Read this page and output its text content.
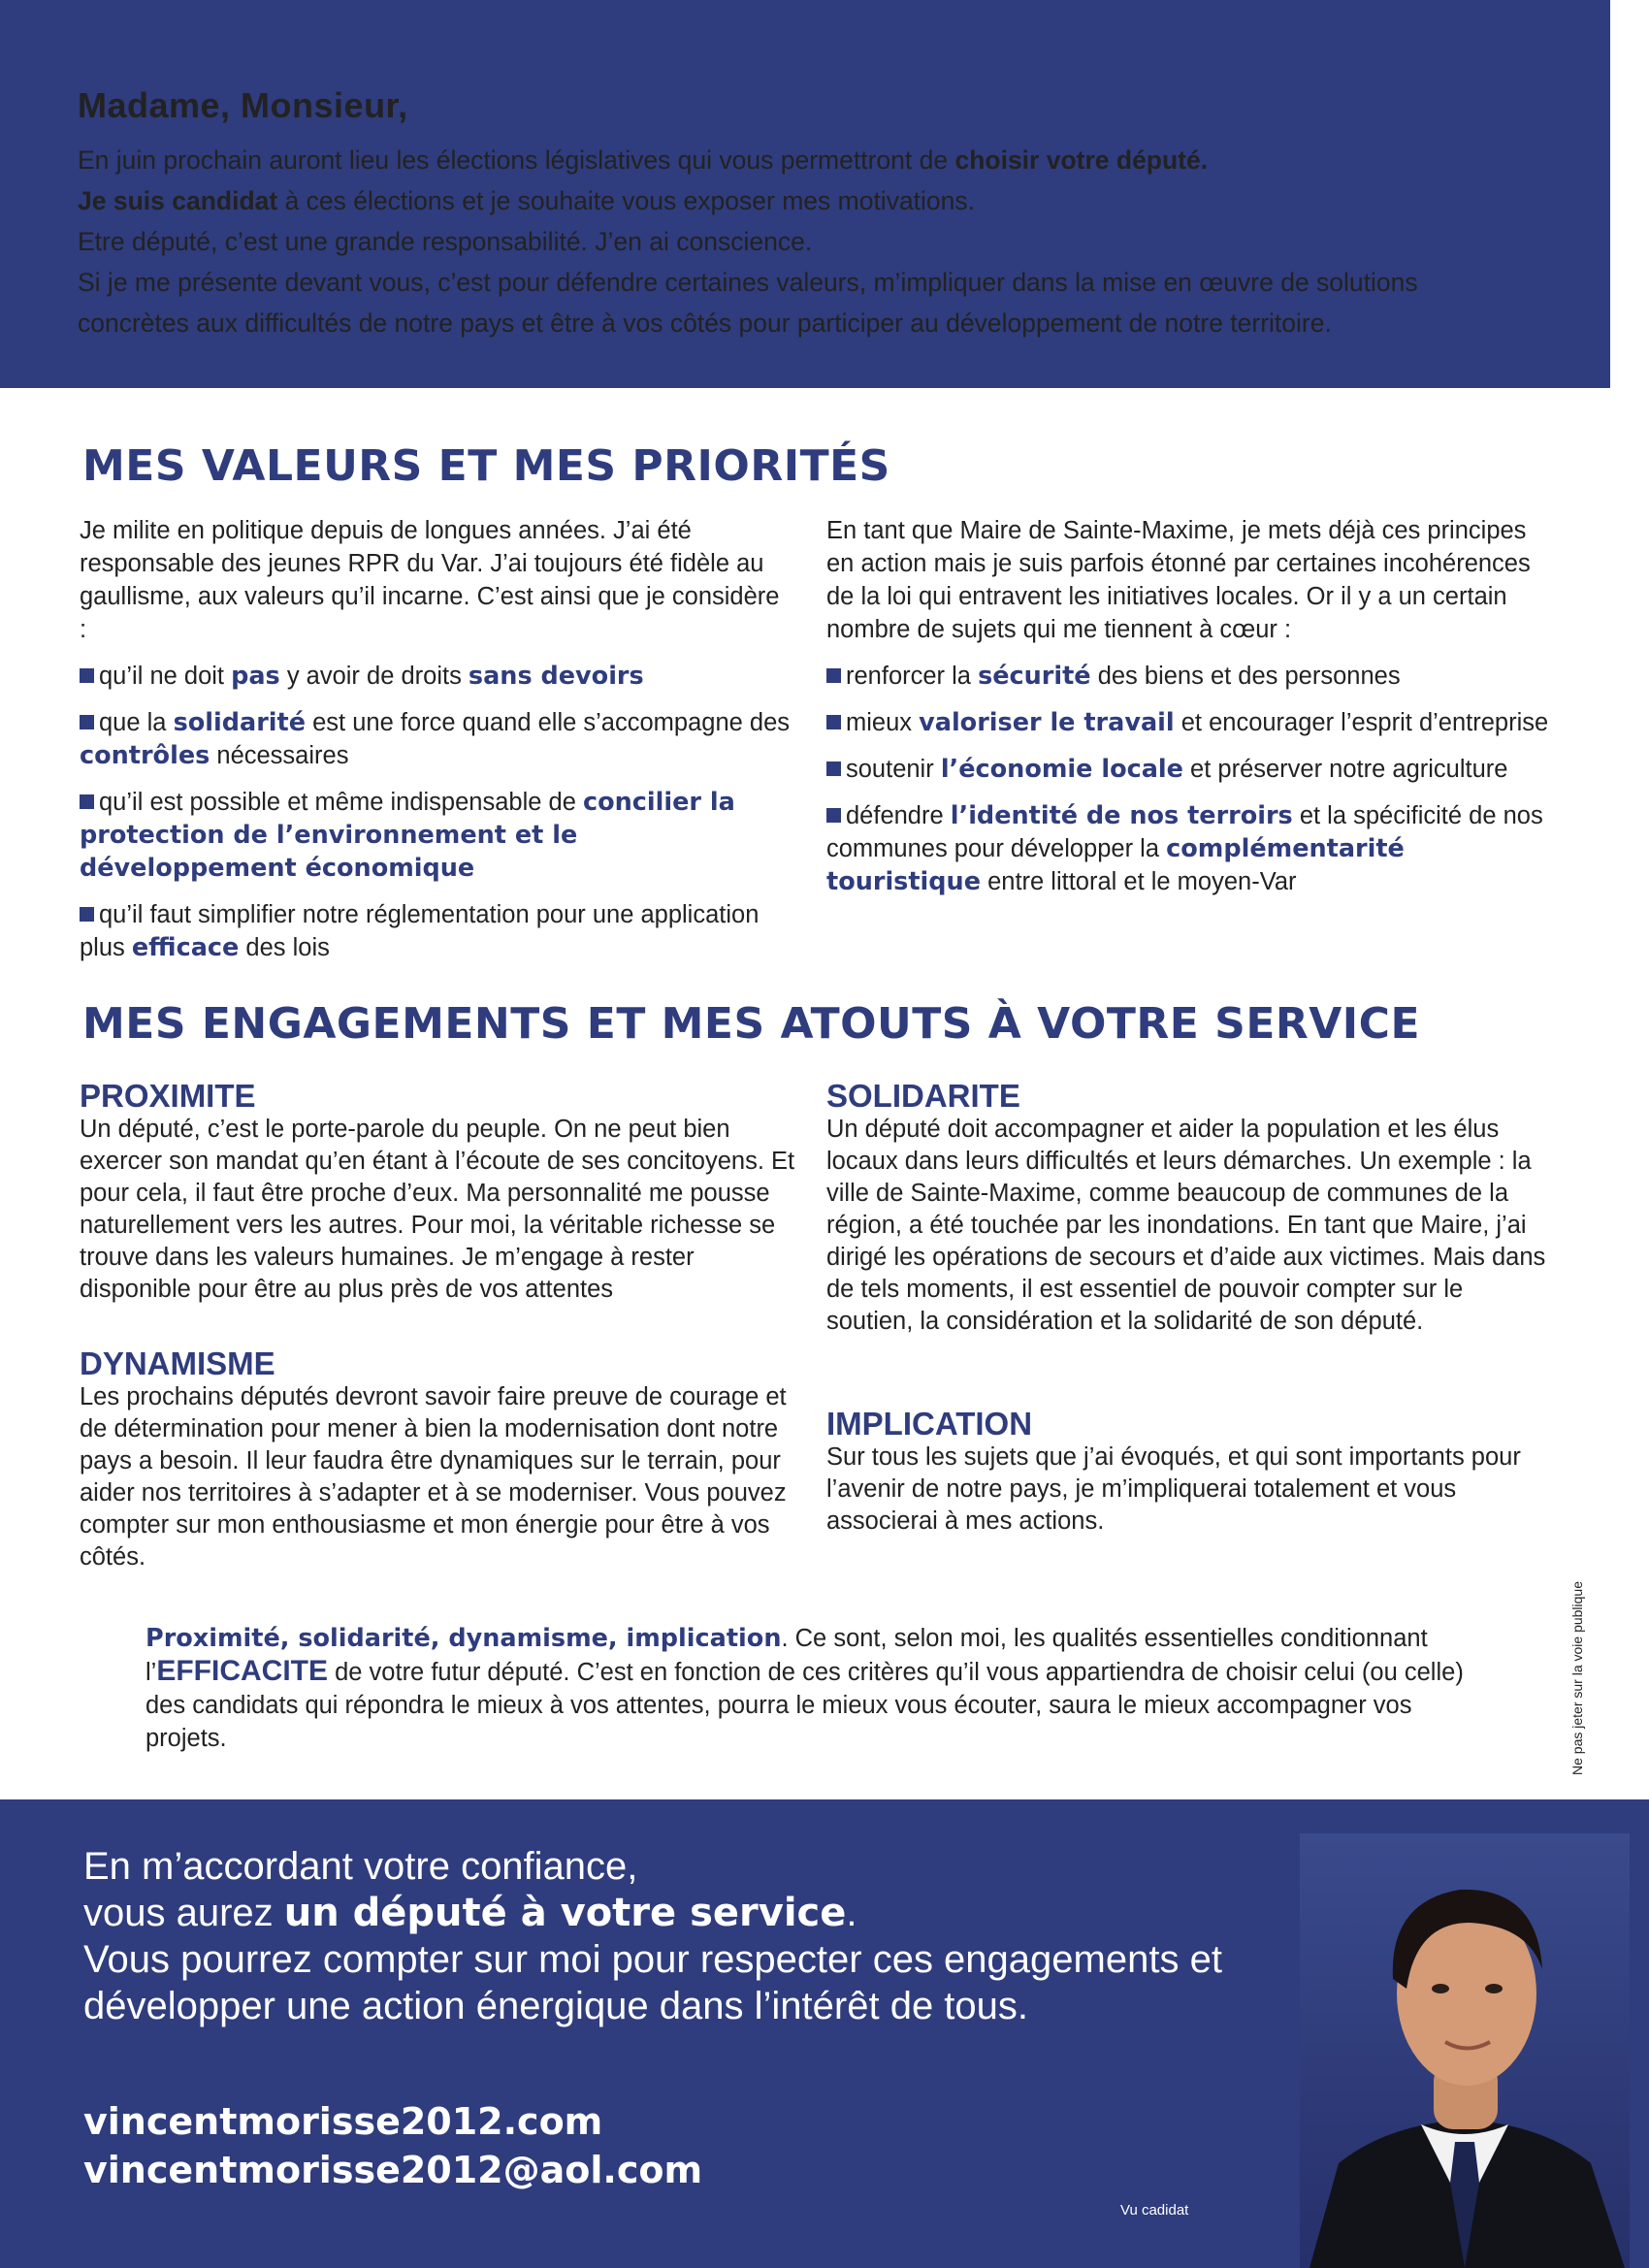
Madame, Monsieur,

En juin prochain auront lieu les élections législatives qui vous permettront de choisir votre député.

Je suis candidat à ces élections et je souhaite vous exposer mes motivations.

Etre député, c’est une grande responsabilité. J’en ai conscience.

Si je me présente devant vous, c’est pour défendre certaines valeurs, m’impliquer dans la mise en œuvre de solutions concrètes aux difficultés de notre pays et être à vos côtés pour participer au développement de notre territoire.

MES VALEURS ET MES PRIORITÉS

Je milite en politique depuis de longues années. J’ai été responsable des jeunes RPR du Var. J’ai toujours été fidèle au gaullisme, aux valeurs qu’il incarne. C’est ainsi que je considère :

qu’il ne doit pas y avoir de droits sans devoirs

que la solidarité est une force quand elle s’accompagne des contrôles nécessaires

qu’il est possible et même indispensable de concilier la protection de l’environnement et le développement économique

qu’il faut simplifier notre réglementation pour une application plus efficace des lois

En tant que Maire de Sainte-Maxime, je mets déjà ces principes en action mais je suis parfois étonné par certaines incohérences de la loi qui entravent les initiatives locales. Or il y a un certain nombre de sujets qui me tiennent à cœur :

renforcer la sécurité des biens et des personnes

mieux valoriser le travail et encourager l’esprit d’entreprise

soutenir l’économie locale et préserver notre agriculture

défendre l’identité de nos terroirs et la spécificité de nos communes pour développer la complémentarité touristique entre littoral et le moyen-Var

MES ENGAGEMENTS ET MES ATOUTS À VOTRE SERVICE
PROXIMITE

Un député, c’est le porte-parole du peuple. On ne peut bien exercer son mandat qu’en étant à l’écoute de ses concitoyens. Et pour cela, il faut être proche d’eux. Ma personnalité me pousse naturellement vers les autres. Pour moi, la véritable richesse se trouve dans les valeurs humaines. Je m’engage à rester disponible pour être au plus près de vos attentes

DYNAMISME

Les prochains députés devront savoir faire preuve de courage et de détermination pour mener à bien la modernisation dont notre pays a besoin. Il leur faudra être dynamiques sur le terrain, pour aider nos territoires à s’adapter et à se moderniser. Vous pouvez compter sur mon enthousiasme et mon énergie pour être à vos côtés.

SOLIDARITE

Un député doit accompagner et aider la population et les élus locaux dans leurs difficultés et leurs démarches. Un exemple : la ville de Sainte-Maxime, comme beaucoup de communes de la région, a été touchée par les inondations. En tant que Maire, j’ai dirigé les opérations de secours et d’aide aux victimes. Mais dans de tels moments, il est essentiel de pouvoir compter sur le soutien, la considération et la solidarité de son député.

IMPLICATION

Sur tous les sujets que j’ai évoqués, et qui sont importants pour l’avenir de notre pays, je m’impliquerai totalement et vous associerai à mes actions.

Proximité, solidarité, dynamisme, implication. Ce sont, selon moi, les qualités essentielles conditionnant l’EFFICACITE de votre futur député. C’est en fonction de ces critères qu’il vous appartiendra de choisir celui (ou celle) des candidats qui répondra le mieux à vos attentes, pourra le mieux vous écouter, saura le mieux accompagner vos projets.	Ne pas jeter sur la voie publique

En m’accordant votre confiance,
vous aurez un député à votre service.
Vous pourrez compter sur moi pour respecter ces engagements et développer une action énergique dans l’intérêt de tous.

vincentmorisse2012.com

vincentmorisse2012@aol.com

Vu cadidat
